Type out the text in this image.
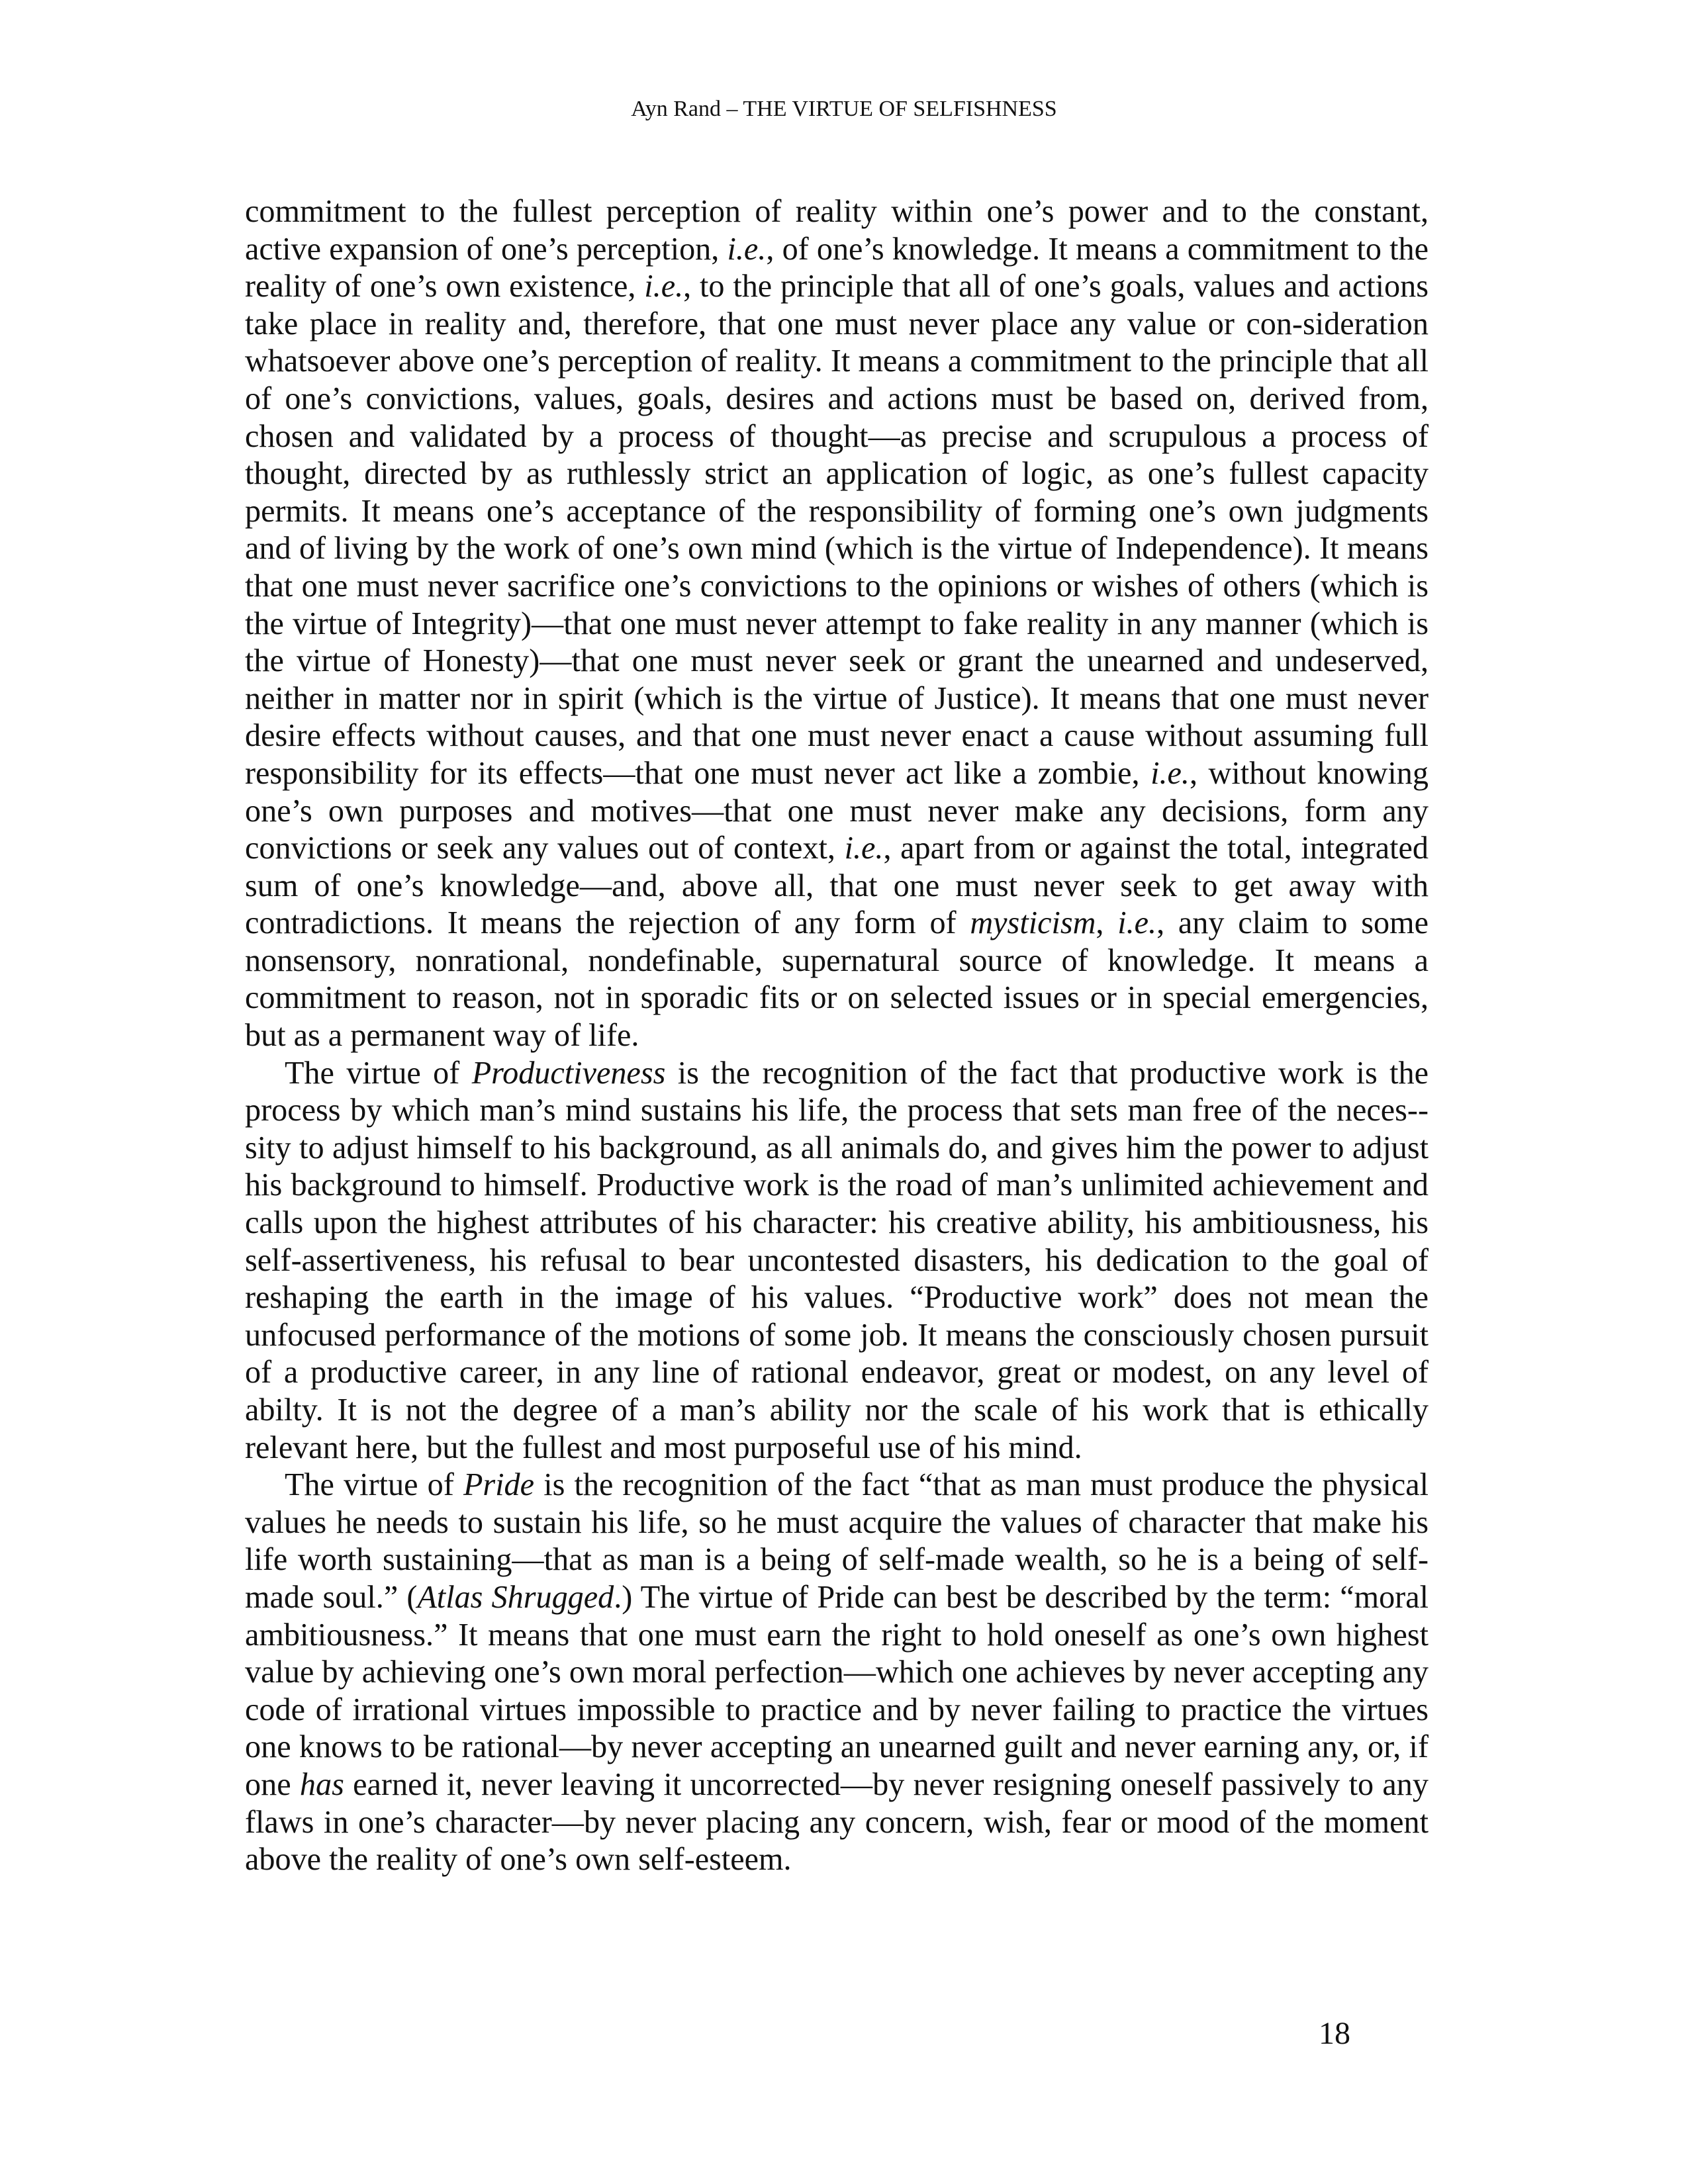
Ayn Rand – THE VIRTUE OF SELFISHNESS

commitment to the fullest perception of reality within one’s power and to the constant, active expansion of one’s perception, i.e., of one’s knowledge. It means a commitment to the reality of one’s own existence, i.e., to the principle that all of one’s goals, values and actions take place in reality and, therefore, that one must never place any value or con-sideration whatsoever above one’s perception of reality. It means a commitment to the principle that all of one’s convictions, values, goals, desires and actions must be based on, derived from, chosen and validated by a process of thought—as precise and scrupulous a process of thought, directed by as ruthlessly strict an application of logic, as one’s fullest capacity permits. It means one’s acceptance of the responsibility of forming one’s own judgments and of living by the work of one’s own mind (which is the virtue of Independence). It means that one must never sacrifice one’s convictions to the opinions or wishes of others (which is the virtue of Integrity)—that one must never attempt to fake reality in any manner (which is the virtue of Honesty)—that one must never seek or grant the unearned and undeserved, neither in matter nor in spirit (which is the virtue of Justice). It means that one must never desire effects without causes, and that one must never enact a cause without assuming full responsibility for its effects—that one must never act like a zombie, i.e., without knowing one’s own purposes and motives—that one must never make any decisions, form any convictions or seek any values out of context, i.e., apart from or against the total, integrated sum of one’s knowledge—and, above all, that one must never seek to get away with contradictions. It means the rejection of any form of mysticism, i.e., any claim to some nonsensory, nonrational, nondefinable, supernatural source of knowledge. It means a commitment to reason, not in sporadic fits or on selected issues or in special emergencies, but as a permanent way of life.

The virtue of Productiveness is the recognition of the fact that productive work is the process by which man’s mind sustains his life, the process that sets man free of the neces-sity to adjust himself to his background, as all animals do, and gives him the power to adjust his background to himself. Productive work is the road of man’s unlimited achievement and calls upon the highest attributes of his character: his creative ability, his ambitiousness, his self-assertiveness, his refusal to bear uncontested disasters, his dedication to the goal of reshaping the earth in the image of his values. “Productive work” does not mean the unfocused performance of the motions of some job. It means the consciously chosen pursuit of a productive career, in any line of rational endeavor, great or modest, on any level of abilty. It is not the degree of a man’s ability nor the scale of his work that is ethically relevant here, but the fullest and most purposeful use of his mind.

The virtue of Pride is the recognition of the fact “that as man must produce the physical values he needs to sustain his life, so he must acquire the values of character that make his life worth sustaining—that as man is a being of self-made wealth, so he is a being of self-made soul.” (Atlas Shrugged.) The virtue of Pride can best be described by the term: “moral ambitiousness.” It means that one must earn the right to hold oneself as one’s own highest value by achieving one’s own moral perfection—which one achieves by never accepting any code of irrational virtues impossible to practice and by never failing to practice the virtues one knows to be rational—by never accepting an unearned guilt and never earning any, or, if one has earned it, never leaving it uncorrected—by never resigning oneself passively to any flaws in one’s character—by never placing any concern, wish, fear or mood of the moment above the reality of one’s own self-esteem.

18
